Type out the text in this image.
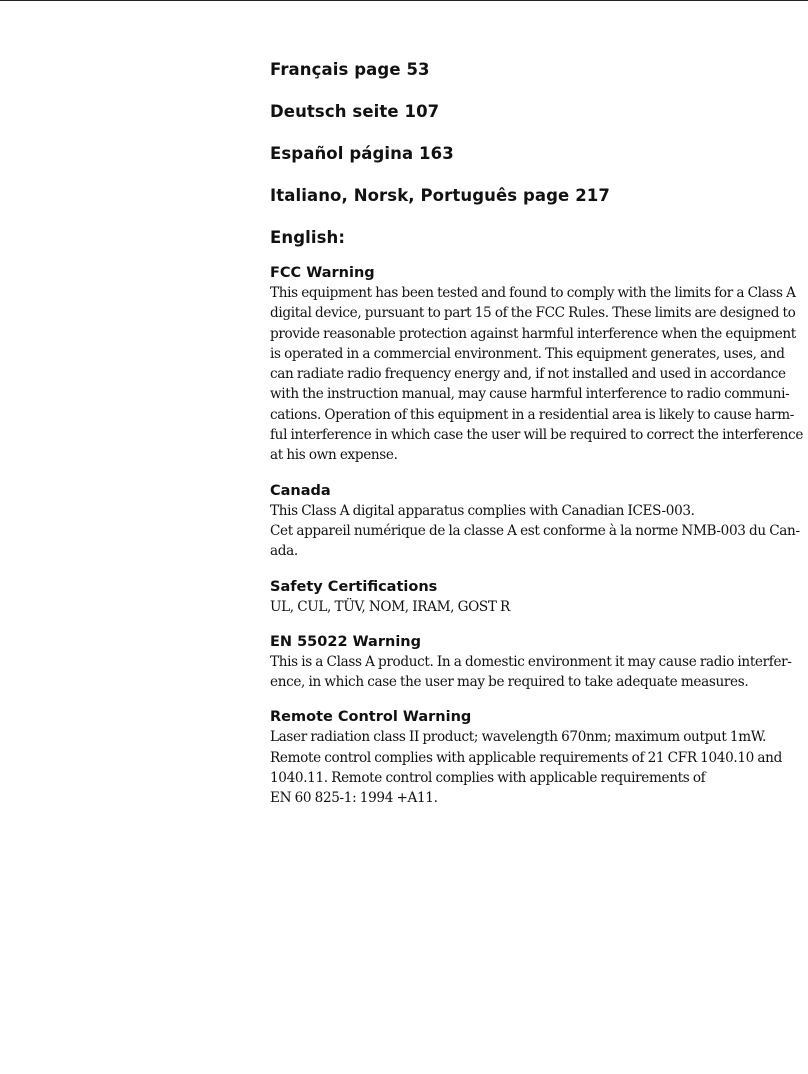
Français page 53
Deutsch seite 107
Español página 163
Italiano, Norsk, Português page 217
English:
FCC Warning

This equipment has been tested and found to comply with the limits for a Class A
digital device, pursuant to part 15 of the FCC Rules. These limits are designed to
provide reasonable protection against harmful interference when the equipment
is operated in a commercial environment. This equipment generates, uses, and
can radiate radio frequency energy and, if not installed and used in accordance
with the instruction manual, may cause harmful interference to radio communi-
cations. Operation of this equipment in a residential area is likely to cause harm-
ful interference in which case the user will be required to correct the interference
at his own expense.

Canada

This Class A digital apparatus complies with Canadian ICES-003.
Cet appareil numérique de la classe A est conforme à la norme NMB-003 du Can-
ada.

Safety Certifications

UL, CUL, TÜV, NOM, IRAM, GOST R

EN 55022 Warning

This is a Class A product. In a domestic environment it may cause radio interfer-
ence, in which case the user may be required to take adequate measures.

Remote Control Warning

Laser radiation class II product; wavelength 670nm; maximum output 1mW.
Remote control complies with applicable requirements of 21 CFR 1040.10 and
1040.11. Remote control complies with applicable requirements of
EN 60 825-1: 1994 +A11.
